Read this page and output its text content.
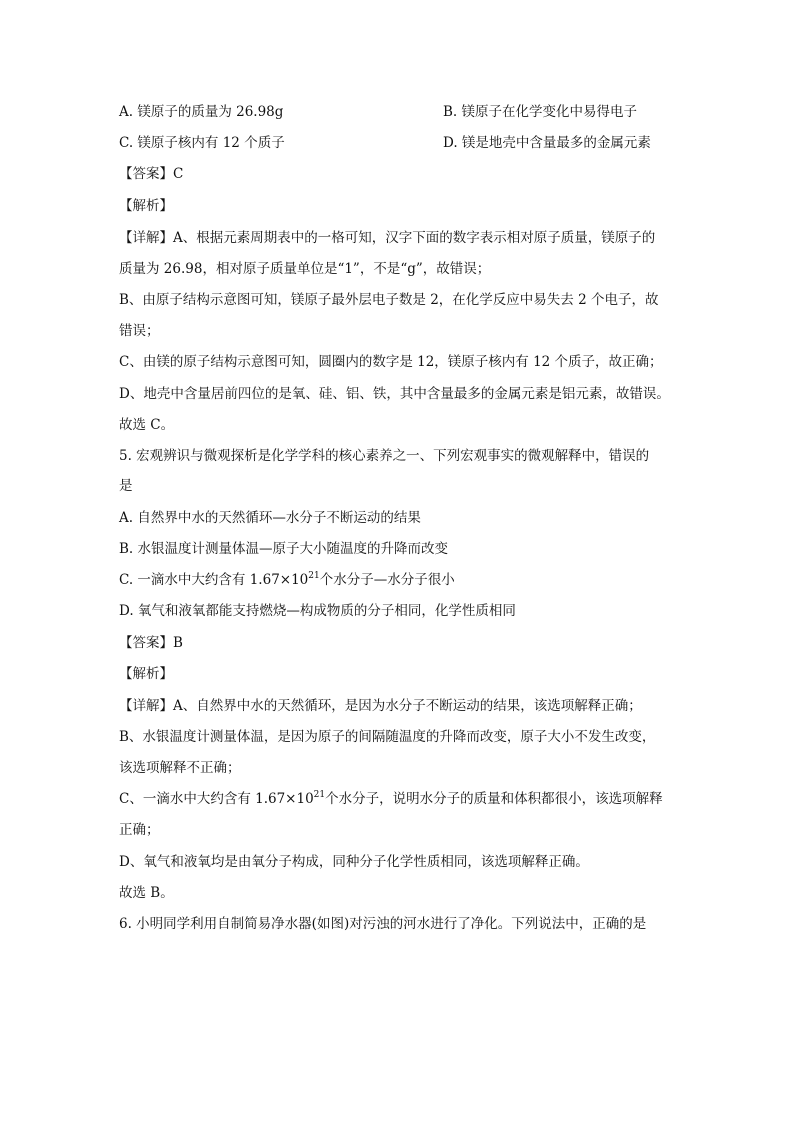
A. 镁原子的质量为 26.98g	B. 镁原子在化学变化中易得电子
C. 镁原子核内有 12 个质子	D. 镁是地壳中含量最多的金属元素
【答案】C
【解析】
【详解】A、根据元素周期表中的一格可知，汉字下面的数字表示相对原子质量，镁原子的
质量为 26.98，相对原子质量单位是“1”，不是“g”，故错误；
B、由原子结构示意图可知，镁原子最外层电子数是 2，在化学反应中易失去 2 个电子，故
错误；
C、由镁的原子结构示意图可知，圆圈内的数字是 12，镁原子核内有 12 个质子，故正确；
D、地壳中含量居前四位的是氧、硅、铝、铁，其中含量最多的金属元素是铝元素，故错误。
故选 C。
5. 宏观辨识与微观探析是化学学科的核心素养之一、下列宏观事实的微观解释中，错误的
是
A. 自然界中水的天然循环—水分子不断运动的结果
B. 水银温度计测量体温—原子大小随温度的升降而改变
C. 一滴水中大约含有 $1.67\times 10^{21}$个水分子—水分子很小
D. 氧气和液氧都能支持燃烧—构成物质的分子相同，化学性质相同
【答案】B
【解析】
【详解】A、自然界中水的天然循环，是因为水分子不断运动的结果，该选项解释正确；
B、水银温度计测量体温，是因为原子的间隔随温度的升降而改变，原子大小不发生改变，
该选项解释不正确；
C、一滴水中大约含有 $1.67\times 10^{21}$个水分子，说明水分子的质量和体积都很小，该选项解释
正确；
D、氧气和液氧均是由氧分子构成，同种分子化学性质相同，该选项解释正确。
故选 B。
6. 小明同学利用自制简易净水器(如图)对污浊的河水进行了净化。下列说法中，正确的是
